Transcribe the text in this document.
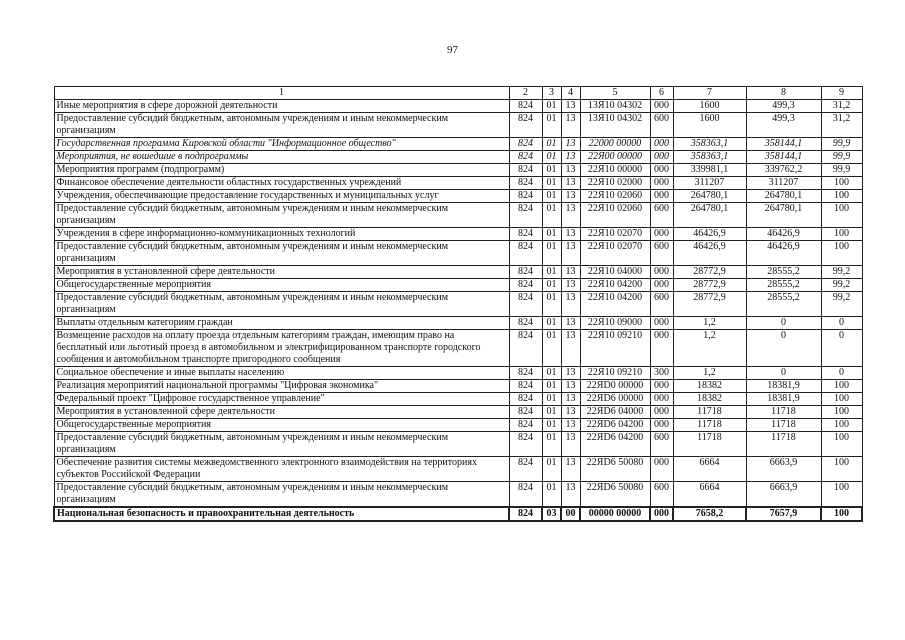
97
1	2	3	4	5	6	7	8	9
Иные мероприятия в сфере дорожной деятельности	824	01	13	13Я10 04302	000	1600	499,3	31,2
Предоставление субсидий бюджетным, автономным учреждениям и иным некоммерческим организациям	824	01	13	13Я10 04302	600	1600	499,3	31,2
Государственная программа Кировской области "Информационное общество"	824	01	13	22000 00000	000	358363,1	358144,1	99,9
Мероприятия, не вошедшие в подпрограммы	824	01	13	22Я00 00000	000	358363,1	358144,1	99,9
Мероприятия программ (подпрограмм)	824	01	13	22Я10 00000	000	339981,1	339762,2	99,9
Финансовое обеспечение деятельности областных государственных учреждений	824	01	13	22Я10 02000	000	311207	311207	100
Учреждения, обеспечивающие предоставление государственных и муниципальных услуг	824	01	13	22Я10 02060	000	264780,1	264780,1	100
Предоставление субсидий бюджетным, автономным учреждениям и иным некоммерческим организациям	824	01	13	22Я10 02060	600	264780,1	264780,1	100
Учреждения в сфере информационно-коммуникационных технологий	824	01	13	22Я10 02070	000	46426,9	46426,9	100
Предоставление субсидий бюджетным, автономным учреждениям и иным некоммерческим организациям	824	01	13	22Я10 02070	600	46426,9	46426,9	100
Мероприятия в установленной сфере деятельности	824	01	13	22Я10 04000	000	28772,9	28555,2	99,2
Общегосударственные мероприятия	824	01	13	22Я10 04200	000	28772,9	28555,2	99,2
Предоставление субсидий бюджетным, автономным учреждениям и иным некоммерческим организациям	824	01	13	22Я10 04200	600	28772,9	28555,2	99,2
Выплаты отдельным категориям граждан	824	01	13	22Я10 09000	000	1,2	0	0
Возмещение расходов на оплату проезда отдельным категориям граждан, имеющим право на бесплатный или льготный проезд в автомобильном и электрифицированном транспорте городского сообщения и автомобильном транспорте пригородного сообщения	824	01	13	22Я10 09210	000	1,2	0	0
Социальное обеспечение и иные выплаты населению	824	01	13	22Я10 09210	300	1,2	0	0
Реализация мероприятий национальной программы "Цифровая экономика"	824	01	13	22ЯD0 00000	000	18382	18381,9	100
Федеральный проект "Цифровое государственное управление"	824	01	13	22ЯD6 00000	000	18382	18381,9	100
Мероприятия в установленной сфере деятельности	824	01	13	22ЯD6 04000	000	11718	11718	100
Общегосударственные мероприятия	824	01	13	22ЯD6 04200	000	11718	11718	100
Предоставление субсидий бюджетным, автономным учреждениям и иным некоммерческим организациям	824	01	13	22ЯD6 04200	600	11718	11718	100
Обеспечение развития системы межведомственного электронного взаимодействия на территориях субъектов Российской Федерации	824	01	13	22ЯD6 50080	000	6664	6663,9	100
Предоставление субсидий бюджетным, автономным учреждениям и иным некоммерческим организациям	824	01	13	22ЯD6 50080	600	6664	6663,9	100
Национальная безопасность и правоохранительная деятельность	824	03	00	00000 00000	000	7658,2	7657,9	100
